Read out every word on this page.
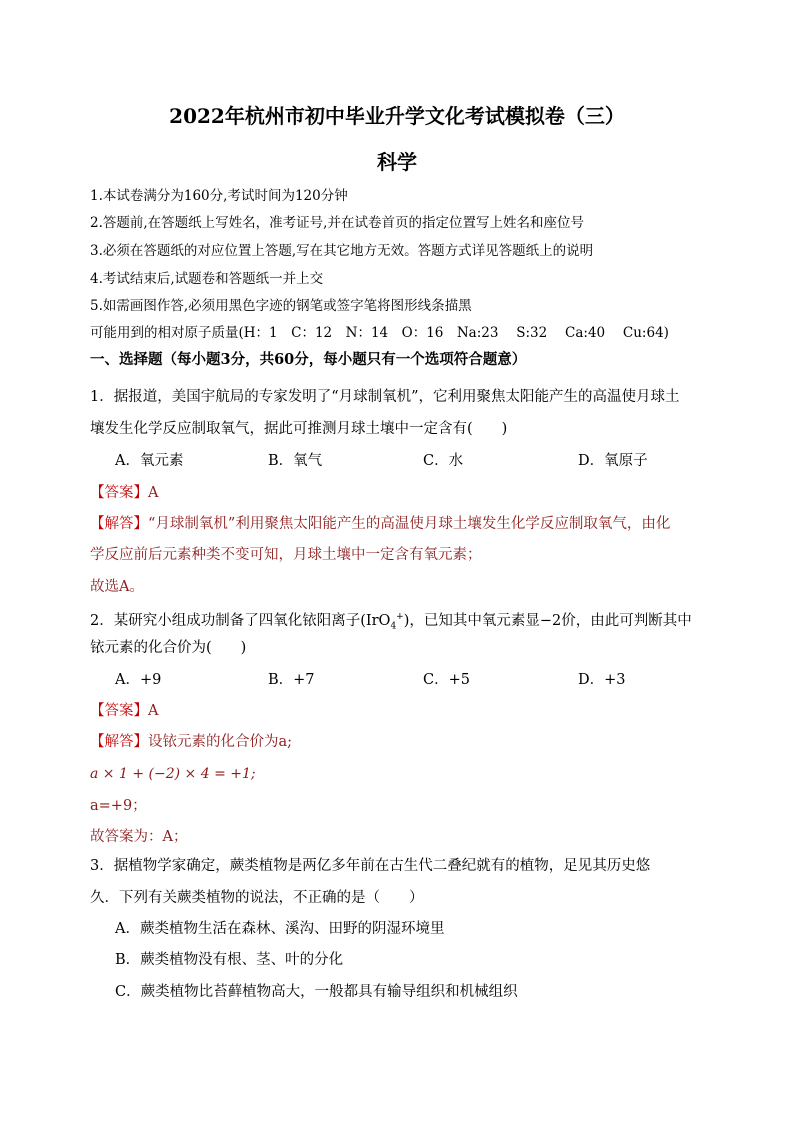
2022年杭州市初中毕业升学文化考试模拟卷（三）
科学
1.本试卷满分为160分,考试时间为120分钟
2.答题前,在答题纸上写姓名，准考证号,并在试卷首页的指定位置写上姓名和座位号
3.必须在答题纸的对应位置上答题,写在其它地方无效。答题方式详见答题纸上的说明
4.考试结束后,试题卷和答题纸一并上交
5.如需画图作答,必须用黑色字迹的钢笔或签字笔将图形线条描黑
可能用到的相对原子质量(H：1　C：12　N：14　O：16　Na:23　 S:32　 Ca:40　 Cu:64)
一、选择题（每小题3分，共60分，每小题只有一个选项符合题意）
1．据报道，美国宇航局的专家发明了“月球制氧机”，它利用聚焦太阳能产生的高温使月球土
壤发生化学反应制取氧气，据此可推测月球土壤中一定含有(　　)
A．氧元素	B．氧气	C．水	D．氧原子
【答案】A
【解答】“月球制氧机”利用聚焦太阳能产生的高温使月球土壤发生化学反应制取氧气，由化
学反应前后元素种类不变可知，月球土壤中一定含有氧元素；
故选A。
2．某研究小组成功制备了四氧化铱阳离子(IrO$_4$+)，已知其中氧元素显−2价，由此可判断其中
铱元素的化合价为(　　)
A．+9	B．+7	C．+5	D．+3
【答案】A
【解答】设铱元素的化合价为a;
a × 1 + (−2) × 4 = +1;
a=+9；
故答案为：A；
3．据植物学家确定，蕨类植物是两亿多年前在古生代二叠纪就有的植物，足见其历史悠
久．下列有关蕨类植物的说法，不正确的是（　　）
A．蕨类植物生活在森林、溪沟、田野的阴湿环境里
B．蕨类植物没有根、茎、叶的分化
C．蕨类植物比苔藓植物高大，一般都具有输导组织和机械组织
